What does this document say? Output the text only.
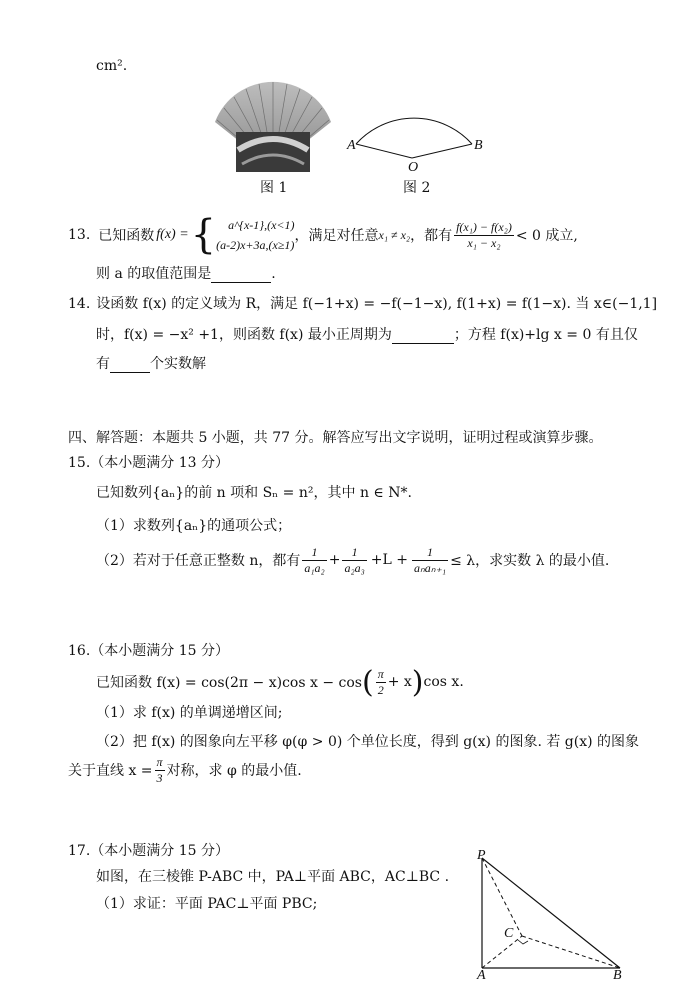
cm².
图 1
A	B
O
图 2
13. 已知函数 f(x) = {	a^{x-1},(x<1)
(a-2)x+3a,(x≥1)
，满足对任意 x₁ ≠ x₂ ，都有 $\frac{\text{f(x₁) − f(x₂)}}{\text{x₁ − x₂}} < 0$ 成立,
则 a 的取值范围是	.
14. 设函数 f(x) 的定义域为 R，满足 f(−1+x) = −f(−1−x), f(1+x) = f(1−x). 当 x∈(−1,1]
时，f(x) = −x² +1，则函数 f(x) 最小正周期为	；方程 f(x)+lg x = 0 有且仅
有	个实数解
四、解答题：本题共 5 小题，共 77 分。解答应写出文字说明，证明过程或演算步骤。
15.（本小题满分 13 分）
已知数列{aₙ}的前 n 项和 Sₙ = n²，其中 n ∈ N*.
（1）求数列{aₙ}的通项公式；
（2）若对于任意正整数 n，都有 $\frac{1}{\text{a₁a₂}} + \frac{1}{\text{a₂a₃}} +L + \frac{1}{\text{aₙaₙ₊₁}} \le \lambda$，求实数 λ 的最小值.
16.（本小题满分 15 分）
已知函数 f(x) = cos(2π − x)cos x − cos ( $\frac{\pi}{2} + x$ ) cos x.
（1）求 f(x) 的单调递增区间;
（2）把 f(x) 的图象向左平移 φ(φ > 0) 个单位长度，得到 g(x) 的图象. 若 g(x) 的图象
关于直线 $x = \frac{\pi}{3}$ 对称，求 φ 的最小值.
17.（本小题满分 15 分）
如图，在三棱锥 P-ABC 中，PA⊥平面 ABC，AC⊥BC .
（1）求证：平面 PAC⊥平面 PBC;
P
C
A	B
